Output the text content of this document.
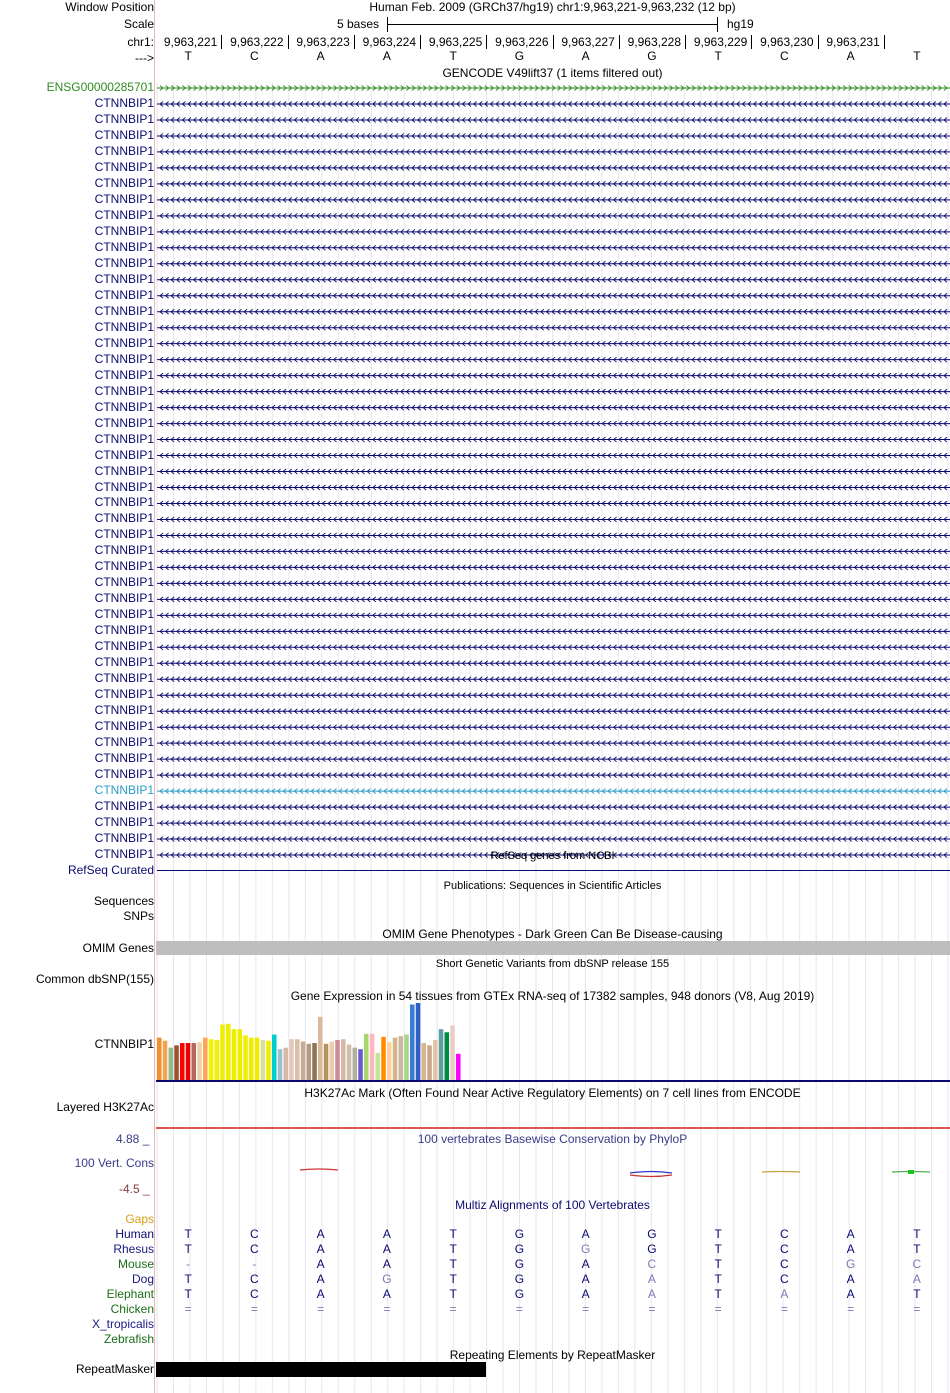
Window Position	Human Feb. 2009 (GRCh37/hg19) chr1:9,963,221-9,963,232 (12 bp)
Scale	5 bases	hg19
chr1: 9,963,221 9,963,222 9,963,223 9,963,224 9,963,225 9,963,226 9,963,227 9,963,228 9,963,229 9,963,230 9,963,231
--->	T	C	A	A	T	G	A	G	T	C	A	T
GENCODE V49lift37 (1 items filtered out)
ENSG00000285701
CTNNBIP1
CTNNBIP1
CTNNBIP1
CTNNBIP1
CTNNBIP1
CTNNBIP1
CTNNBIP1
CTNNBIP1
CTNNBIP1
CTNNBIP1
CTNNBIP1
CTNNBIP1
CTNNBIP1
CTNNBIP1
CTNNBIP1
CTNNBIP1
CTNNBIP1
CTNNBIP1
CTNNBIP1
CTNNBIP1
CTNNBIP1
CTNNBIP1
CTNNBIP1
CTNNBIP1
CTNNBIP1
CTNNBIP1
CTNNBIP1
CTNNBIP1
CTNNBIP1
CTNNBIP1
CTNNBIP1
CTNNBIP1
CTNNBIP1
CTNNBIP1
CTNNBIP1
CTNNBIP1
CTNNBIP1
CTNNBIP1
CTNNBIP1
CTNNBIP1
CTNNBIP1
CTNNBIP1
CTNNBIP1
CTNNBIP1
CTNNBIP1
CTNNBIP1
CTNNBIP1
CTNNBIP1	RefSeq genes from NCBI
RefSeq Curated
Publications: Sequences in Scientific Articles
Sequences
SNPs
OMIM Gene Phenotypes - Dark Green Can Be Disease-causing
OMIM Genes
Short Genetic Variants from dbSNP release 155
Common dbSNP(155)
Gene Expression in 54 tissues from GTEx RNA-seq of 17382 samples, 948 donors (V8, Aug 2019)
CTNNBIP1
H3K27Ac Mark (Often Found Near Active Regulatory Elements) on 7 cell lines from ENCODE
Layered H3K27Ac
4.88 _	100 vertebrates Basewise Conservation by PhyloP
100 Vert. Cons
-4.5 _
Multiz Alignments of 100 Vertebrates
Gaps
Human	T	C	A	A	T	G	A	G	T	C	A	T
Rhesus	T	C	A	A	T	G	G	G	T	C	A	T
Mouse	-	-	A	A	T	G	A	C	T	C	G	C
Dog	T	C	A	G	T	G	A	A	T	C	A	A
Elephant	T	C	A	A	T	G	A	A	T	A	A	T
Chicken	=	=	=	=	=	=	=	=	=	=	=	=
X_tropicalis
Zebrafish
Repeating Elements by RepeatMasker
RepeatMasker
